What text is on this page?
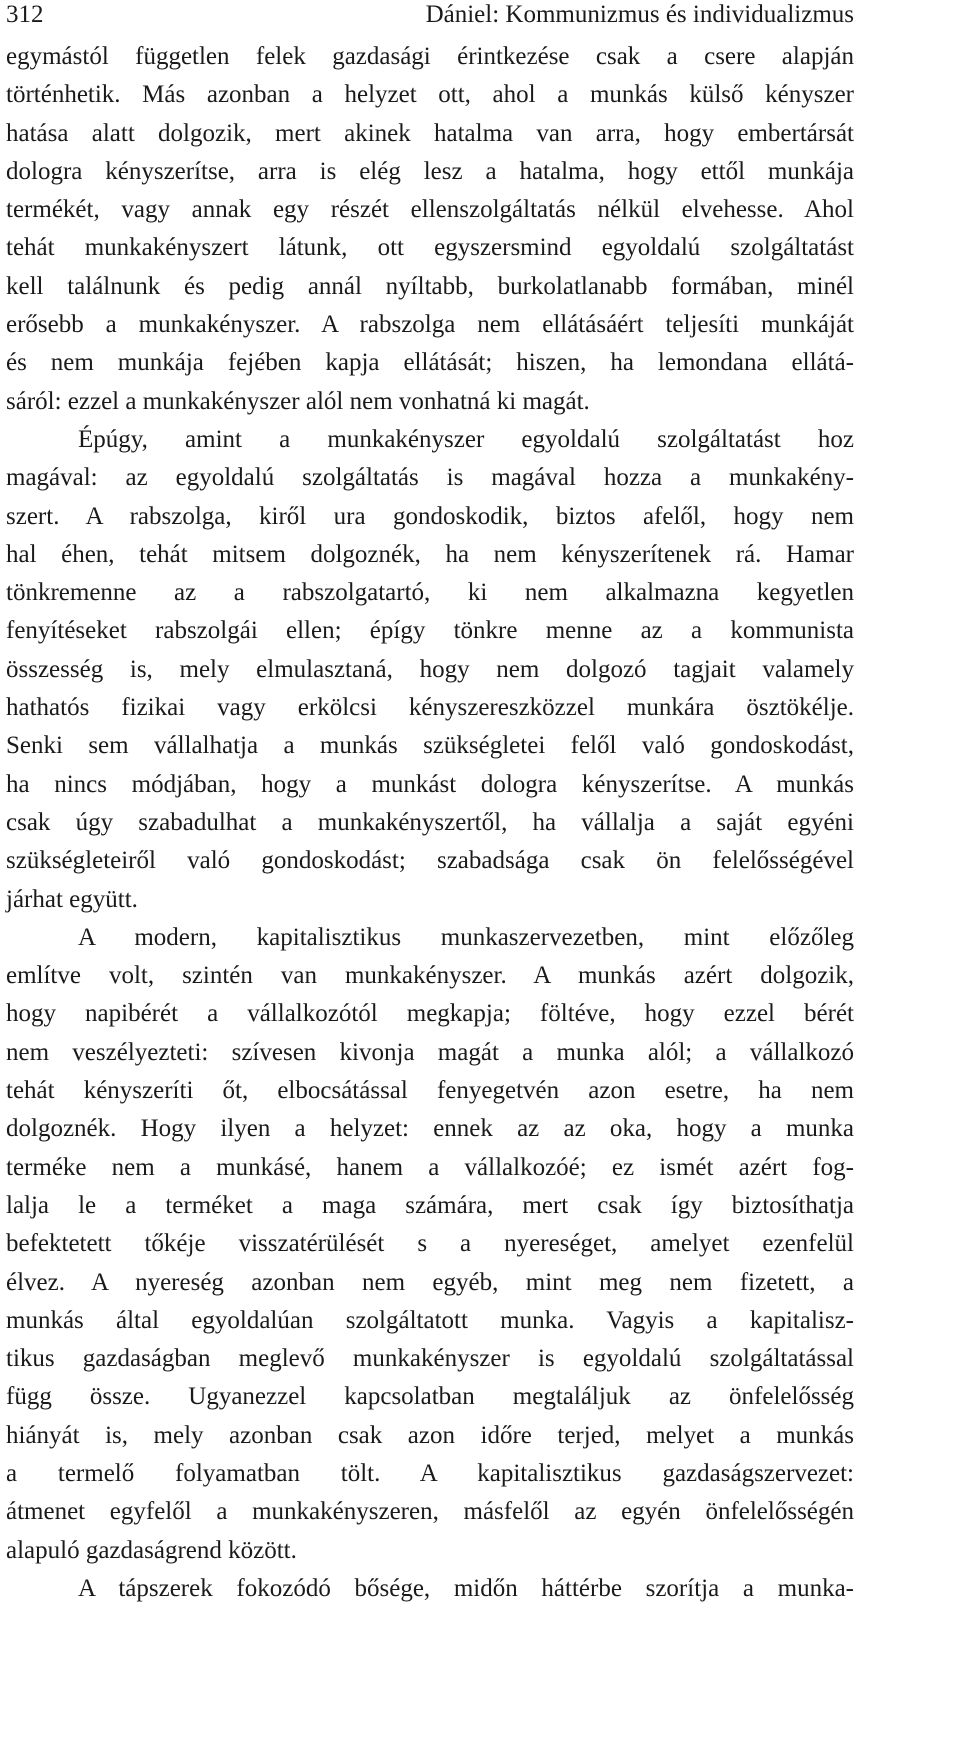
312	Dániel: Kommunizmus és individualizmus
egymástól független felek gazdasági érintkezése csak a csere alapján
történhetik. Más azonban a helyzet ott, ahol a munkás külső kényszer
hatása alatt dolgozik, mert akinek hatalma van arra, hogy embertársát
dologra kényszerítse, arra is elég lesz a hatalma, hogy ettől munkája
termékét, vagy annak egy részét ellenszolgáltatás nélkül elvehesse. Ahol
tehát munkakényszert látunk, ott egyszersmind egyoldalú szolgáltatást
kell találnunk és pedig annál nyíltabb, burkolatlanabb formában, minél
erősebb a munkakényszer. A rabszolga nem ellátásáért teljesíti munkáját
és nem munkája fejében kapja ellátását; hiszen, ha lemondana ellátá-
sáról: ezzel a munkakényszer alól nem vonhatná ki magát.
Épúgy, amint a munkakényszer egyoldalú szolgáltatást hoz
magával: az egyoldalú szolgáltatás is magával hozza a munkakény-
szert. A rabszolga, kiről ura gondoskodik, biztos afelől, hogy nem
hal éhen, tehát mitsem dolgoznék, ha nem kényszerítenek rá. Hamar
tönkremenne az a rabszolgatartó, ki nem alkalmazna kegyetlen
fenyítéseket rabszolgái ellen; épígy tönkre menne az a kommunista
összesség is, mely elmulasztaná, hogy nem dolgozó tagjait valamely
hathatós fizikai vagy erkölcsi kényszereszközzel munkára ösztökélje.
Senki sem vállalhatja a munkás szükségletei felől való gondoskodást,
ha nincs módjában, hogy a munkást dologra kényszerítse. A munkás
csak úgy szabadulhat a munkakényszertől, ha vállalja a saját egyéni
szükségleteiről való gondoskodást; szabadsága csak ön felelősségével
járhat együtt.
A modern, kapitalisztikus munkaszervezetben, mint előzőleg
említve volt, szintén van munkakényszer. A munkás azért dolgozik,
hogy napibérét a vállalkozótól megkapja; föltéve, hogy ezzel bérét
nem veszélyezteti: szívesen kivonja magát a munka alól; a vállalkozó
tehát kényszeríti őt, elbocsátással fenyegetvén azon esetre, ha nem
dolgoznék. Hogy ilyen a helyzet: ennek az az oka, hogy a munka
terméke nem a munkásé, hanem a vállalkozóé; ez ismét azért fog-
lalja le a terméket a maga számára, mert csak így biztosíthatja
befektetett tőkéje visszatérülését s a nyereséget, amelyet ezenfelül
élvez. A nyereség azonban nem egyéb, mint meg nem fizetett, a
munkás által egyoldalúan szolgáltatott munka. Vagyis a kapitalisz-
tikus gazdaságban meglevő munkakényszer is egyoldalú szolgáltatással
függ össze. Ugyanezzel kapcsolatban megtaláljuk az önfelelősség
hiányát is, mely azonban csak azon időre terjed, melyet a munkás
a termelő folyamatban tölt. A kapitalisztikus gazdaságszervezet:
átmenet egyfelől a munkakényszeren, másfelől az egyén önfelelősségén
alapuló gazdaságrend között.
A tápszerek fokozódó bősége, midőn háttérbe szorítja a munka-
